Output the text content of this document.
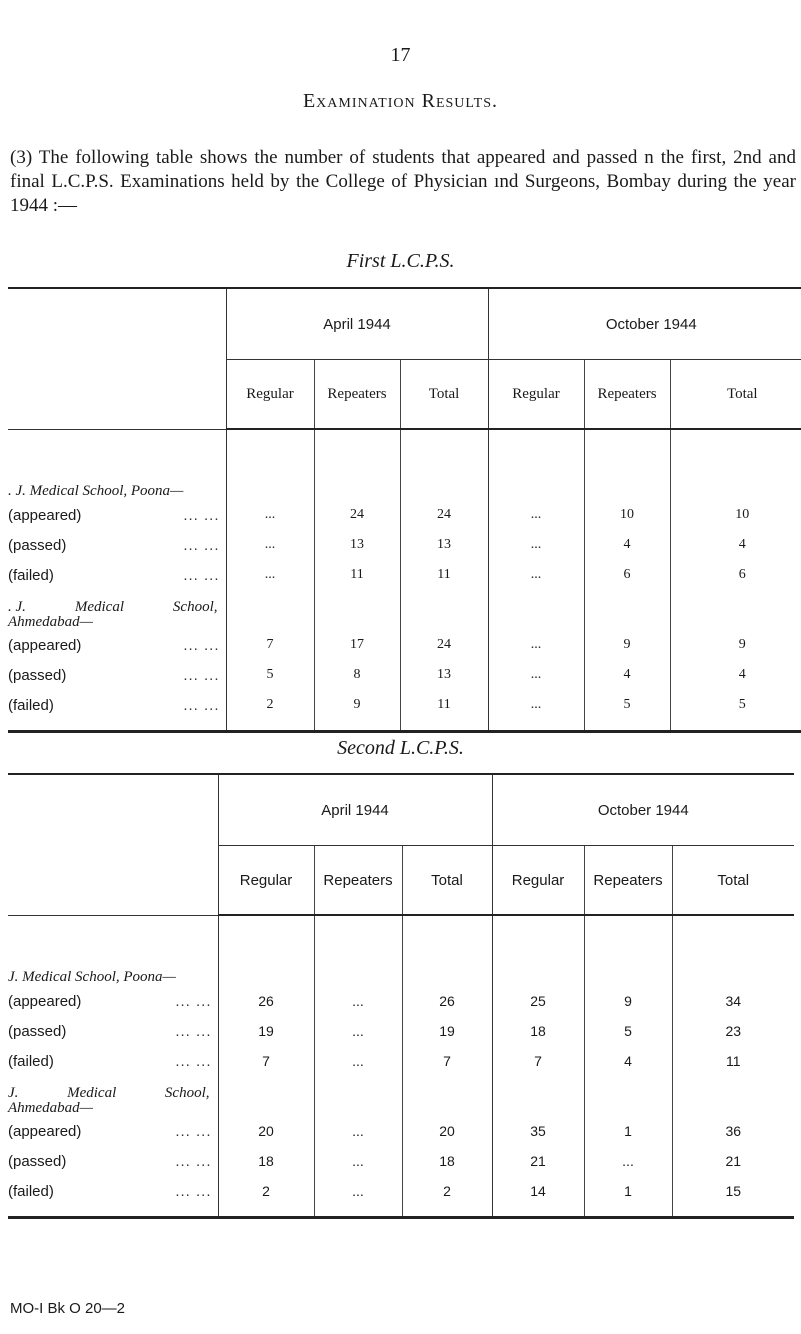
17
Examination Results.
(3) The following table shows the number of students that appeared and passed n the first, 2nd and final L.C.P.S. Examinations held by the College of Physician ınd Surgeons, Bombay during the year 1944 :—
First L.C.P.S.
	April 1944			October 1944		
	Regular	Repeaters	Total	Regular	Repeaters	Total

. J. Medical School, Poona—						

(appeared) ... ...	...	24	24	...	10	10

(passed) ... ...	...	13	13	...	4	4

(failed) ... ...	...	11	11	...	6	6

. J. Medical School,
Ahmedabad—						

(appeared) ... ...	7	17	24	...	9	9

(passed) ... ...	5	8	13	...	4	4

(failed) ... ...	2	9	11	...	5	5

Second L.C.P.S.
	April 1944			October 1944		
	Regular	Repeaters	Total	Regular	Repeaters	Total

J. Medical School, Poona—						

(appeared) ... ...	26	...	26	25	9	34

(passed) ... ...	19	...	19	18	5	23

(failed) ... ...	7	...	7	7	4	11

J. Medical School,
Ahmedabad—						

(appeared) ... ...	20	...	20	35	1	36

(passed) ... ...	18	...	18	21	...	21

(failed) ... ...	2	...	2	14	1	15

MO-I Bk O 20—2
